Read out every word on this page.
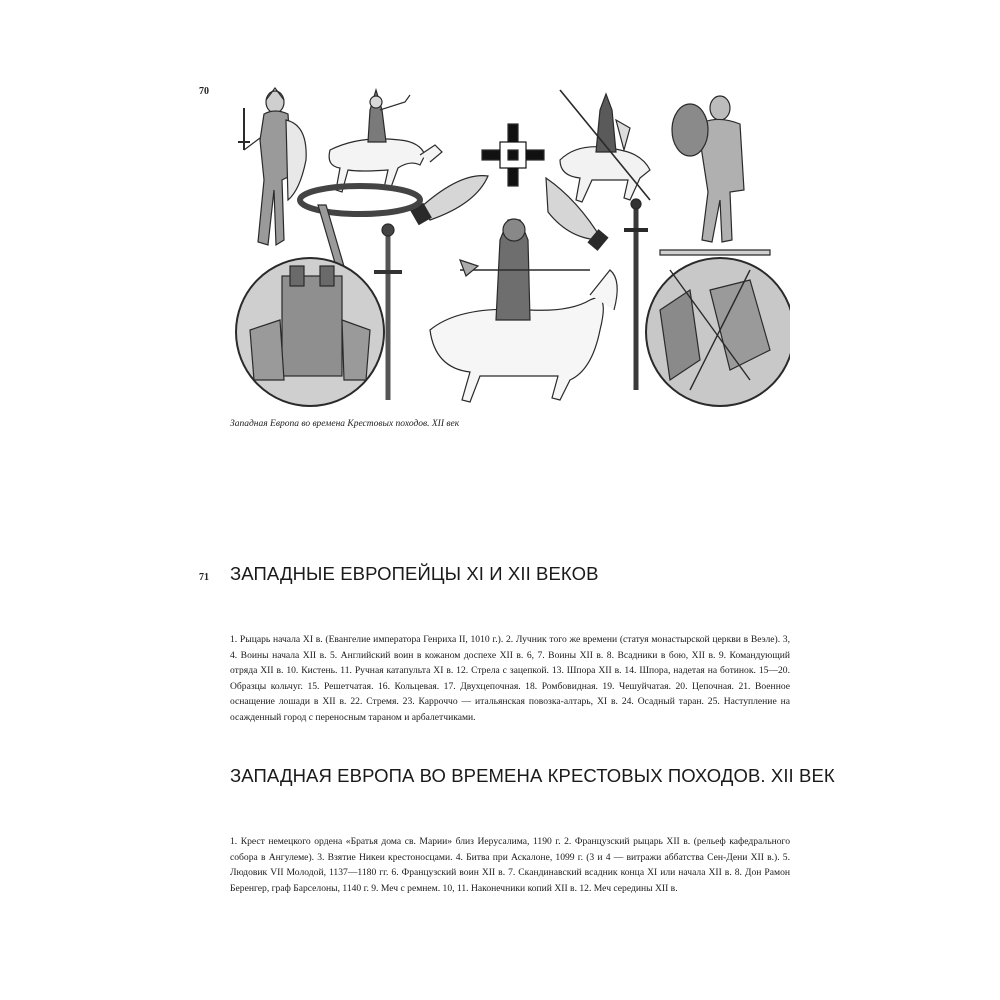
70
Западная Европа во времена Крестовых походов. XII век
71 ЗАПАДНЫЕ ЕВРОПЕЙЦЫ XI И XII ВЕКОВ
1. Рыцарь начала XI в. (Евангелие императора Генриха II, 1010 г.). 2. Лучник того же времени (статуя монастырской церкви в Веэле). 3, 4. Воины начала XII в. 5. Английский воин в кожаном доспехе XII в. 6, 7. Воины XII в. 8. Всадники в бою, XII в. 9. Командующий отряда XII в. 10. Кистень. 11. Ручная катапульта XI в. 12. Стрела с зацепкой. 13. Шпора XII в. 14. Шпора, надетая на ботинок. 15—20. Образцы кольчуг. 15. Решетчатая. 16. Кольцевая. 17. Двухцепочная. 18. Ромбовидная. 19. Чешуйчатая. 20. Цепочная. 21. Военное оснащение лошади в XII в. 22. Стремя. 23. Карроччо — итальянская повозка-алтарь, XI в. 24. Осадный таран. 25. Наступление на осажденный город с переносным тараном и арбалетчиками.
ЗАПАДНАЯ ЕВРОПА ВО ВРЕМЕНА КРЕСТОВЫХ ПОХОДОВ. XII ВЕК
1. Крест немецкого ордена «Братья дома св. Марии» близ Иерусалима, 1190 г. 2. Французский рыцарь XII в. (рельеф кафедрального собора в Ангулеме). 3. Взятие Никеи крестоносцами. 4. Битва при Аскалоне, 1099 г. (3 и 4 — витражи аббатства Сен-Дени XII в.). 5. Людовик VII Молодой, 1137—1180 гг. 6. Французский воин XII в. 7. Скандинавский всадник конца XI или начала XII в. 8. Дон Рамон Беренгер, граф Барселоны, 1140 г. 9. Меч с ремнем. 10, 11. Наконечники копий XII в. 12. Меч середины XII в.
